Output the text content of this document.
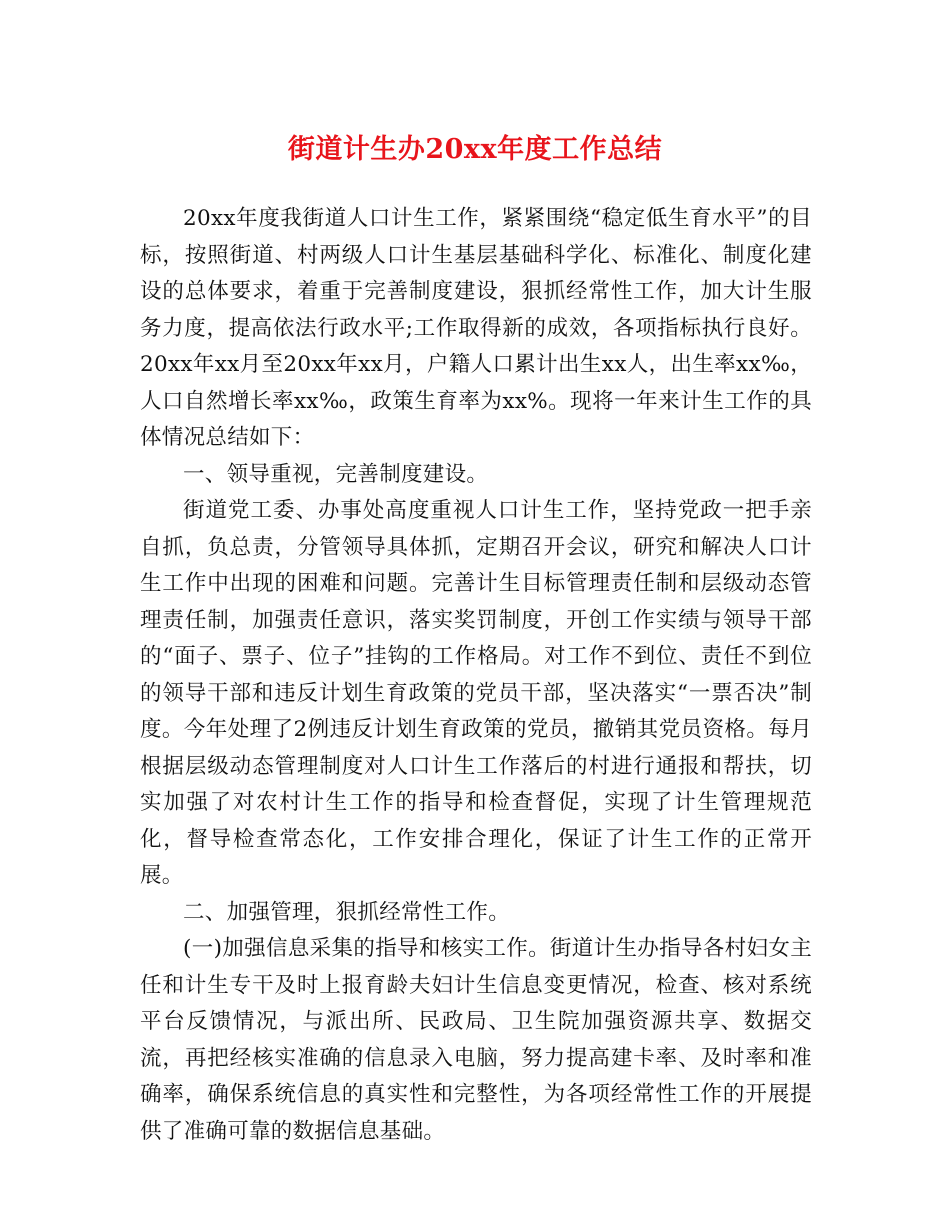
街道计生办20xx年度工作总结

20xx年度我街道人口计生工作，紧紧围绕“稳定低生育水平”的目标，按照街道、村两级人口计生基层基础科学化、标准化、制度化建设的总体要求，着重于完善制度建设，狠抓经常性工作，加大计生服务力度，提高依法行政水平;工作取得新的成效，各项指标执行良好。20xx年xx月至20xx年xx月，户籍人口累计出生xx人，出生率xx‰，人口自然增长率xx‰，政策生育率为xx%。现将一年来计生工作的具体情况总结如下：

一、领导重视，完善制度建设。

街道党工委、办事处高度重视人口计生工作，坚持党政一把手亲自抓，负总责，分管领导具体抓，定期召开会议，研究和解决人口计生工作中出现的困难和问题。完善计生目标管理责任制和层级动态管理责任制，加强责任意识，落实奖罚制度，开创工作实绩与领导干部的“面子、票子、位子”挂钩的工作格局。对工作不到位、责任不到位的领导干部和违反计划生育政策的党员干部，坚决落实“一票否决”制度。今年处理了2例违反计划生育政策的党员，撤销其党员资格。每月根据层级动态管理制度对人口计生工作落后的村进行通报和帮扶，切实加强了对农村计生工作的指导和检查督促，实现了计生管理规范化，督导检查常态化，工作安排合理化，保证了计生工作的正常开展。

二、加强管理，狠抓经常性工作。

(一)加强信息采集的指导和核实工作。街道计生办指导各村妇女主任和计生专干及时上报育龄夫妇计生信息变更情况，检查、核对系统平台反馈情况，与派出所、民政局、卫生院加强资源共享、数据交流，再把经核实准确的信息录入电脑，努力提高建卡率、及时率和准确率，确保系统信息的真实性和完整性，为各项经常性工作的开展提供了准确可靠的数据信息基础。
